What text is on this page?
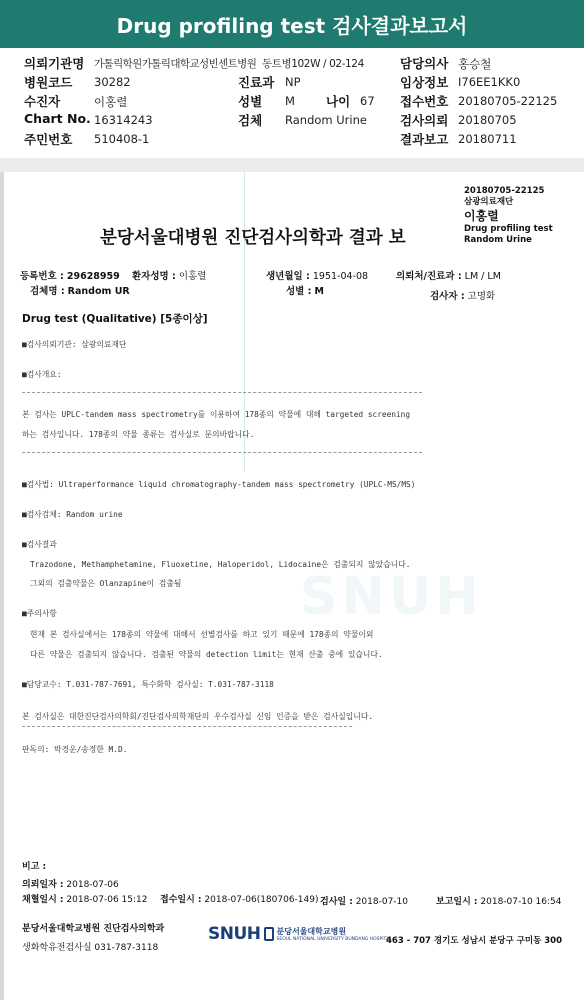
Drug profiling test 검사결과보고서
의뢰기관명 가톨릭학원가톨릭대학교성빈센트병원 동트병102W / 02-124	담당의사 홍승철
병원코드 30282	진료과 NP	임상정보 I76EE1KK0
수진자	이홍렬	성별 M 나이 67 접수번호 20180705-22125
Chart No. 16314243	검체 Random Urine	검사의뢰 20180705
주민번호 510408-1	결과보고 20180711
SNUH
20180705-22125
삼광의료재단
이홍렬
Drug profiling test
Random Urine
분당서울대병원 진단검사의학과 결과 보
등록번호 : 29628959 환자성명 : 이홍렬	생년월일 : 1951-04-08	의뢰처/진료과 : LM / LM
검체명 : Random UR	성별 : M	검사자 : 고명화
Drug test (Qualitative) [5종이상]
■검사의뢰기관: 삼광의료재단
■검사개요:
본 검사는 UPLC-tandem mass spectrometry를 이용하여 178종의 약물에 대해 targeted screening
하는 검사입니다. 178종의 약물 종류는 검사실로 문의바랍니다.
■검사법: Ultraperformance liquid chromatography-tandem mass spectrometry (UPLC-MS/MS)
■검사검체: Random urine
■검사결과
Trazodone, Methamphetamine, Fluoxetine, Haloperidol, Lidocaine은 검출되지 않았습니다.
그외의 검출약물은 Olanzapine이 검출됨
■주의사항
현재 본 검사실에서는 178종의 약물에 대해서 선별검사를 하고 있기 때문에 178종의 약물이외
다른 약물은 검출되지 않습니다. 검출된 약물의 detection limit는 현재 산출 중에 있습니다.
■담당교수: T.031-787-7691, 특수화학 검사실: T.031-787-3118
본 검사실은 대한진단검사의학회/진단검사의학재단의 우수검사실 신임 인증을 받은 검사실입니다.
판독의: 박경운/송정한 M.D.
비고 :
의뢰일자 : 2018-07-06
채혈일시 : 2018-07-06 15:12 접수일시 : 2018-07-06(180706-149) 검사일 : 2018-07-10	보고일시 : 2018-07-10 16:54
분당서울대학교병원 진단검사의학과
생화학유전검사실 031-787-3118
SNUH 분당서울대학교병원
SEOUL NATIONAL UNIVERSITY BUNDANG HOSPITAL
463 - 707 경기도 성남시 분당구 구미동 300
